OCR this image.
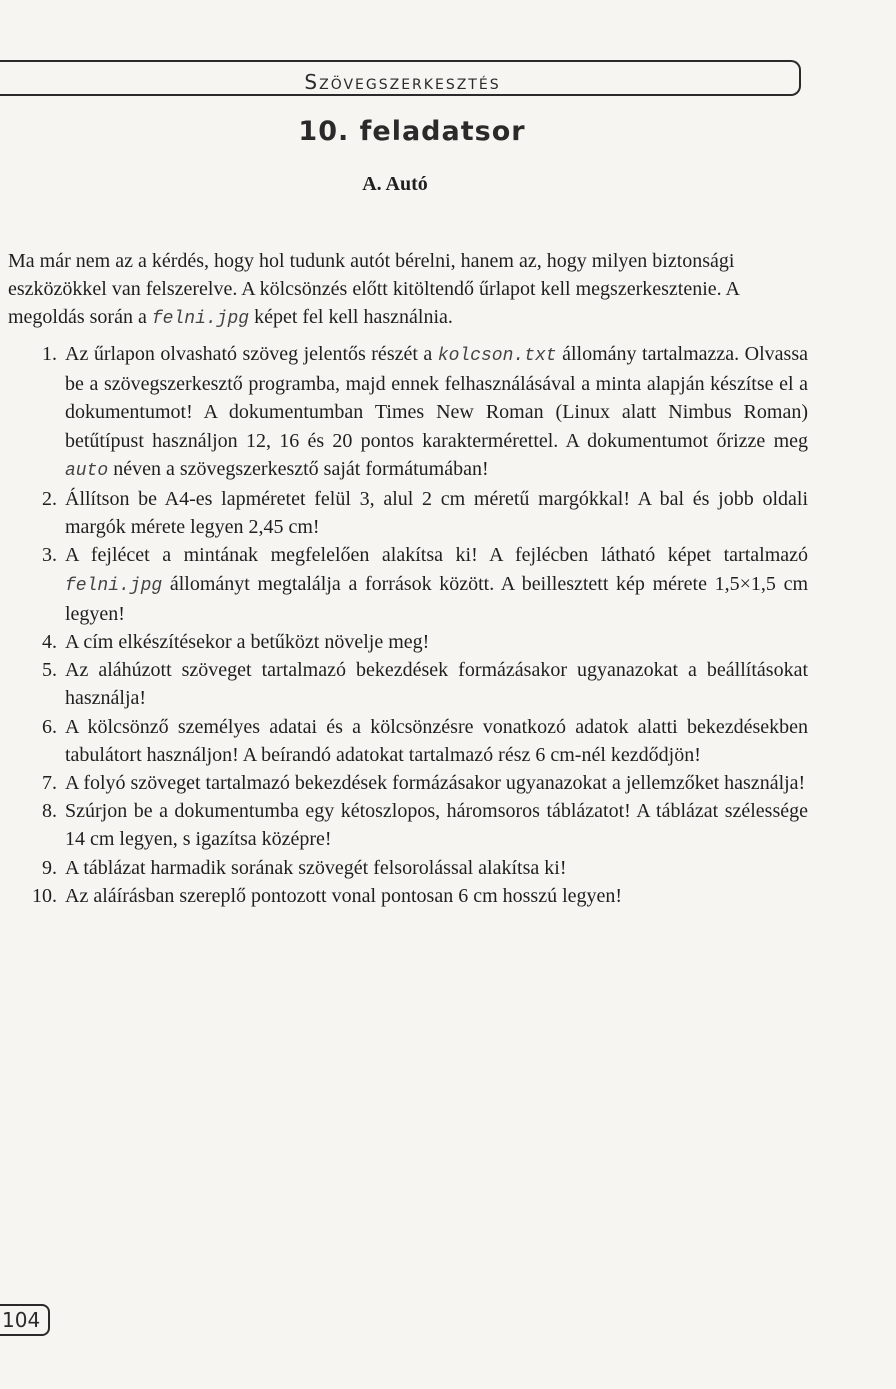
Szövegszerkesztés
10. feladatsor
A. Autó

Ma már nem az a kérdés, hogy hol tudunk autót bérelni, hanem az, hogy milyen biztonsági eszközökkel van felszerelve. A kölcsönzés előtt kitöltendő űrlapot kell megszerkesztenie. A megoldás során a felni.jpg képet fel kell használnia.

1. Az űrlapon olvasható szöveg jelentős részét a kolcson.txt állomány tartalmazza. Olvassa be a szövegszerkesztő programba, majd ennek felhasználásával a minta alapján készítse el a dokumentumot! A dokumentumban Times New Roman (Linux alatt Nimbus Roman) betűtípust használjon 12, 16 és 20 pontos karaktermérettel. A dokumentumot őrizze meg auto néven a szövegszerkesztő saját formátumában!
2. Állítson be A4-es lapméretet felül 3, alul 2 cm méretű margókkal! A bal és jobb oldali margók mérete legyen 2,45 cm!
3. A fejlécet a mintának megfelelően alakítsa ki! A fejlécben látható képet tartalmazó felni.jpg állományt megtalálja a források között. A beillesztett kép mérete 1,5×1,5 cm legyen!
4. A cím elkészítésekor a betűközt növelje meg!
5. Az aláhúzott szöveget tartalmazó bekezdések formázásakor ugyanazokat a beállításokat használja!
6. A kölcsönző személyes adatai és a kölcsönzésre vonatkozó adatok alatti bekezdésekben tabulátort használjon! A beírandó adatokat tartalmazó rész 6 cm-nél kezdődjön!
7. A folyó szöveget tartalmazó bekezdések formázásakor ugyanazokat a jellemzőket használja!
8. Szúrjon be a dokumentumba egy kétoszlopos, háromsoros táblázatot! A táblázat szélessége 14 cm legyen, s igazítsa középre!
9. A táblázat harmadik sorának szövegét felsorolással alakítsa ki!
10. Az aláírásban szereplő pontozott vonal pontosan 6 cm hosszú legyen!
104
